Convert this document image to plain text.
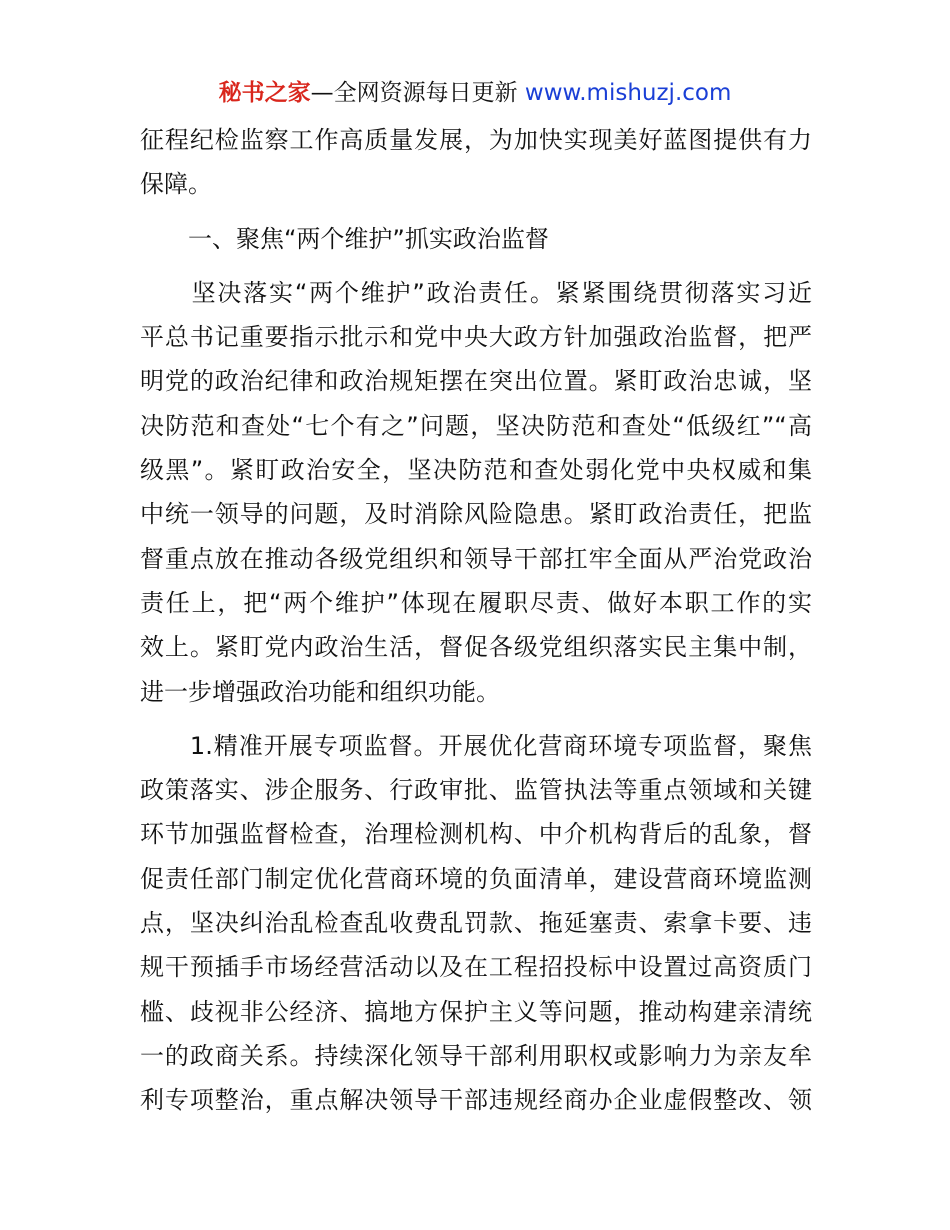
秘书之家—全网资源每日更新 www.mishuzj.com
征程纪检监察工作高质量发展，为加快实现美好蓝图提供有力
保障。
　　一、聚焦“两个维护”抓实政治监督
　　坚决落实“两个维护”政治责任。紧紧围绕贯彻落实习近
平总书记重要指示批示和党中央大政方针加强政治监督，把严
明党的政治纪律和政治规矩摆在突出位置。紧盯政治忠诚，坚
决防范和查处“七个有之”问题，坚决防范和查处“低级红”“高
级黑”。紧盯政治安全，坚决防范和查处弱化党中央权威和集
中统一领导的问题，及时消除风险隐患。紧盯政治责任，把监
督重点放在推动各级党组织和领导干部扛牢全面从严治党政治
责任上，把“两个维护”体现在履职尽责、做好本职工作的实
效上。紧盯党内政治生活，督促各级党组织落实民主集中制，
进一步增强政治功能和组织功能。
　　1.精准开展专项监督。开展优化营商环境专项监督，聚焦
政策落实、涉企服务、行政审批、监管执法等重点领域和关键
环节加强监督检查，治理检测机构、中介机构背后的乱象，督
促责任部门制定优化营商环境的负面清单，建设营商环境监测
点，坚决纠治乱检查乱收费乱罚款、拖延塞责、索拿卡要、违
规干预插手市场经营活动以及在工程招投标中设置过高资质门
槛、歧视非公经济、搞地方保护主义等问题，推动构建亲清统
一的政商关系。持续深化领导干部利用职权或影响力为亲友牟
利专项整治，重点解决领导干部违规经商办企业虚假整改、领
